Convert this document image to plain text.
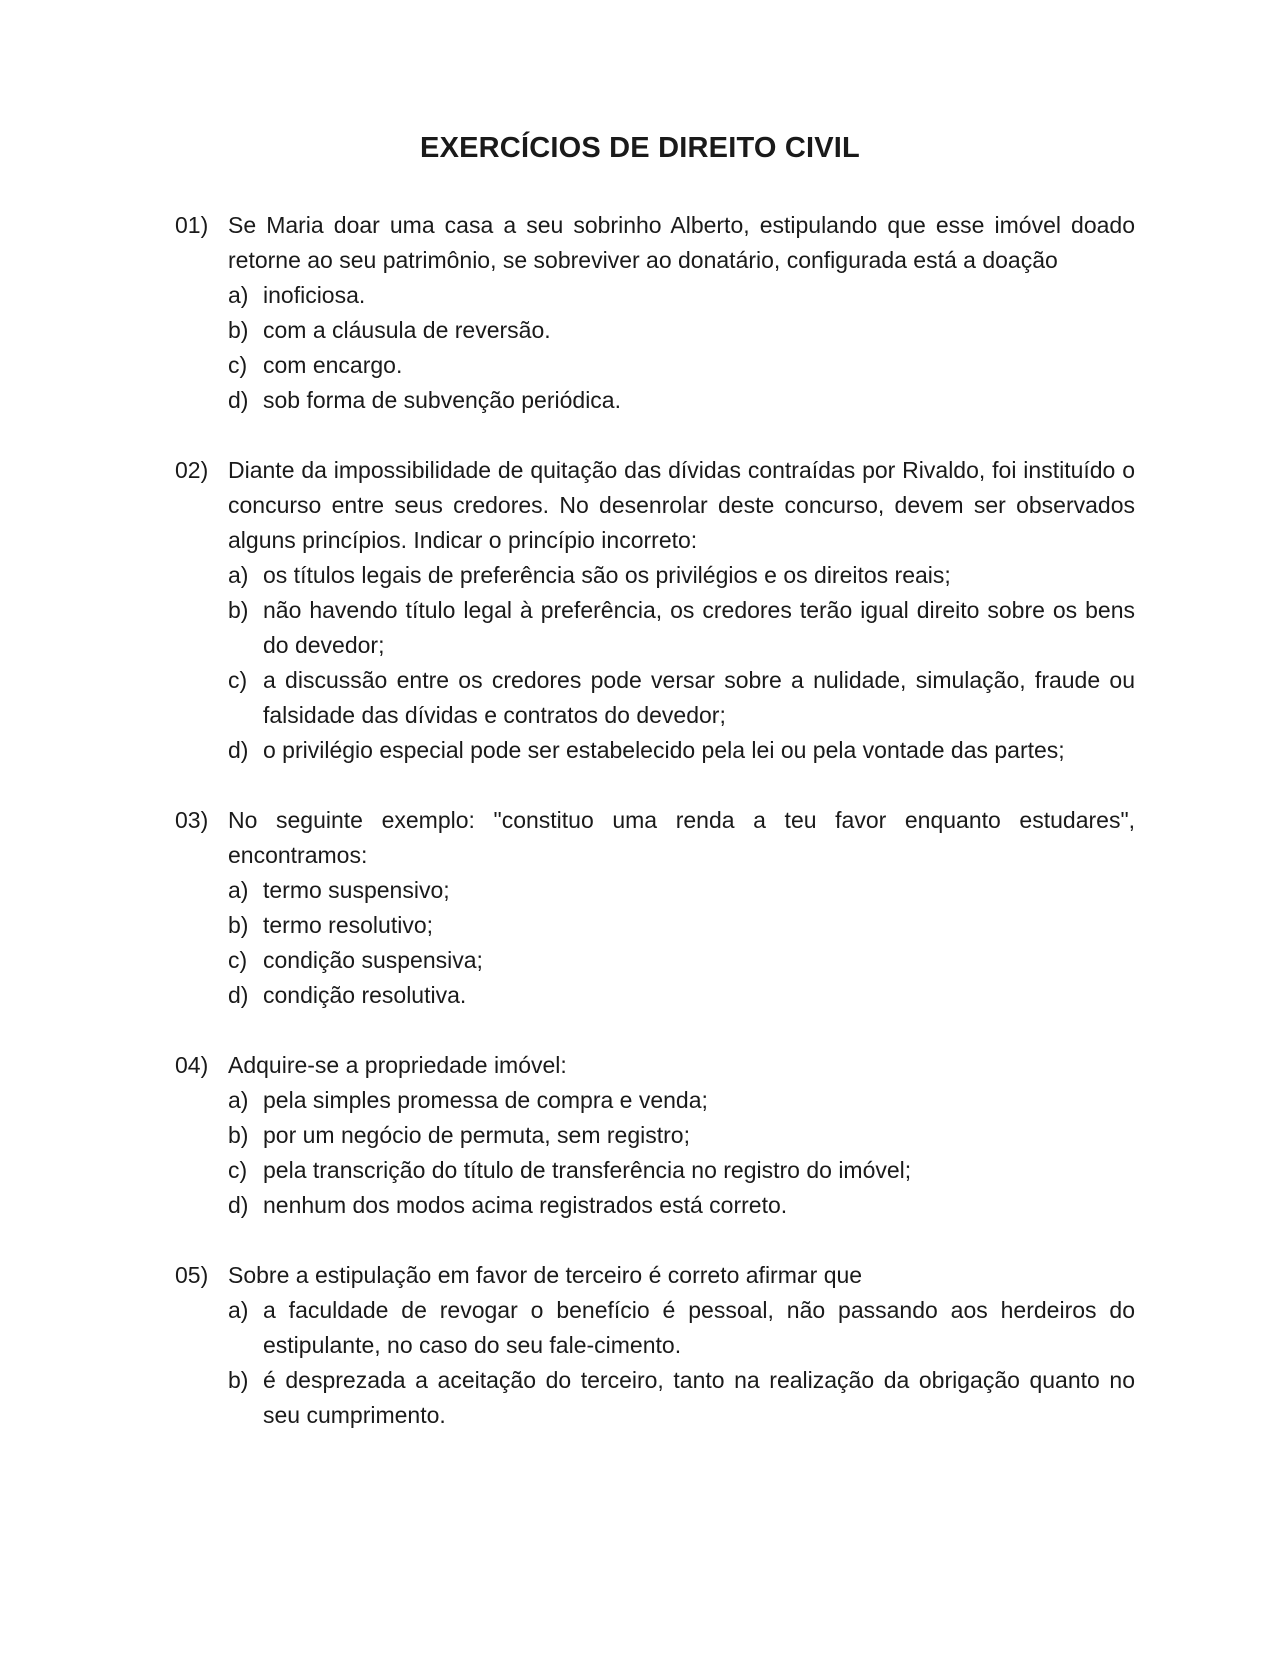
EXERCÍCIOS DE DIREITO CIVIL
01) Se Maria doar uma casa a seu sobrinho Alberto, estipulando que esse imóvel doado retorne ao seu patrimônio, se sobreviver ao donatário, configurada está a doação
a) inoficiosa.
b) com a cláusula de reversão.
c) com encargo.
d) sob forma de subvenção periódica.
02) Diante da impossibilidade de quitação das dívidas contraídas por Rivaldo, foi instituído o concurso entre seus credores. No desenrolar deste concurso, devem ser observados alguns princípios. Indicar o princípio incorreto:
a) os títulos legais de preferência são os privilégios e os direitos reais;
b) não havendo título legal à preferência, os credores terão igual direito sobre os bens do devedor;
c) a discussão entre os credores pode versar sobre a nulidade, simulação, fraude ou falsidade das dívidas e contratos do devedor;
d) o privilégio especial pode ser estabelecido pela lei ou pela vontade das partes;
03) No seguinte exemplo: "constituo uma renda a teu favor enquanto estudares", encontramos:
a) termo suspensivo;
b) termo resolutivo;
c) condição suspensiva;
d) condição resolutiva.
04) Adquire-se a propriedade imóvel:
a) pela simples promessa de compra e venda;
b) por um negócio de permuta, sem registro;
c) pela transcrição do título de transferência no registro do imóvel;
d) nenhum dos modos acima registrados está correto.
05) Sobre a estipulação em favor de terceiro é correto afirmar que
a) a faculdade de revogar o benefício é pessoal, não passando aos herdeiros do estipulante, no caso do seu fale-cimento.
b) é desprezada a aceitação do terceiro, tanto na realização da obrigação quanto no seu cumprimento.
